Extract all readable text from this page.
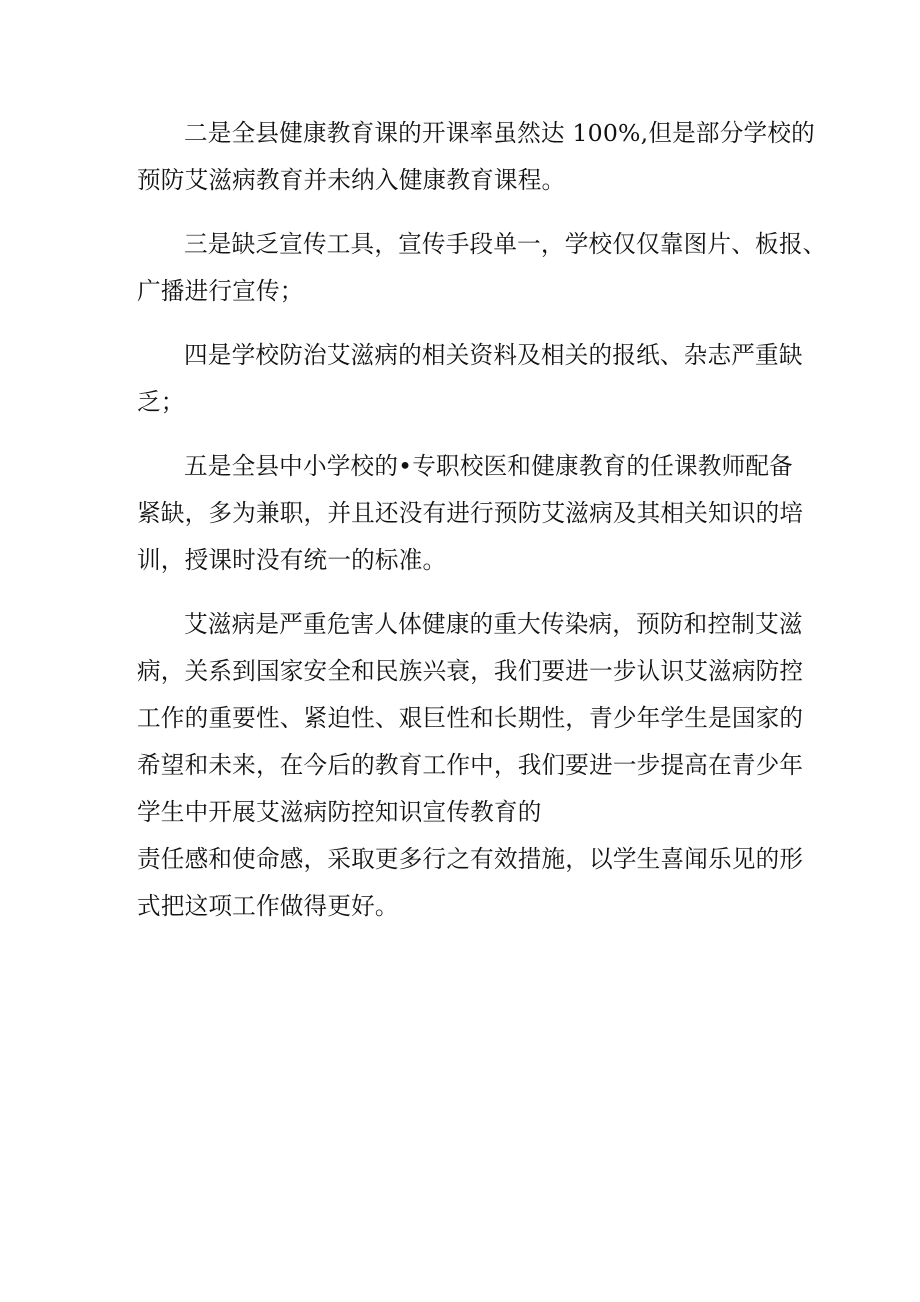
二是全县健康教育课的开课率虽然达 100%,但是部分学校的
预防艾滋病教育并未纳入健康教育课程。
三是缺乏宣传工具，宣传手段单一，学校仅仅靠图片、板报、
广播进行宣传；
四是学校防治艾滋病的相关资料及相关的报纸、杂志严重缺
乏；
五是全县中小学校的•专职校医和健康教育的任课教师配备
紧缺，多为兼职，并且还没有进行预防艾滋病及其相关知识的培
训，授课时没有统一的标准。
艾滋病是严重危害人体健康的重大传染病，预防和控制艾滋
病，关系到国家安全和民族兴衰，我们要进一步认识艾滋病防控
工作的重要性、紧迫性、艰巨性和长期性，青少年学生是国家的
希望和未来，在今后的教育工作中，我们要进一步提高在青少年
学生中开展艾滋病防控知识宣传教育的
责任感和使命感，采取更多行之有效措施，以学生喜闻乐见的形
式把这项工作做得更好。
